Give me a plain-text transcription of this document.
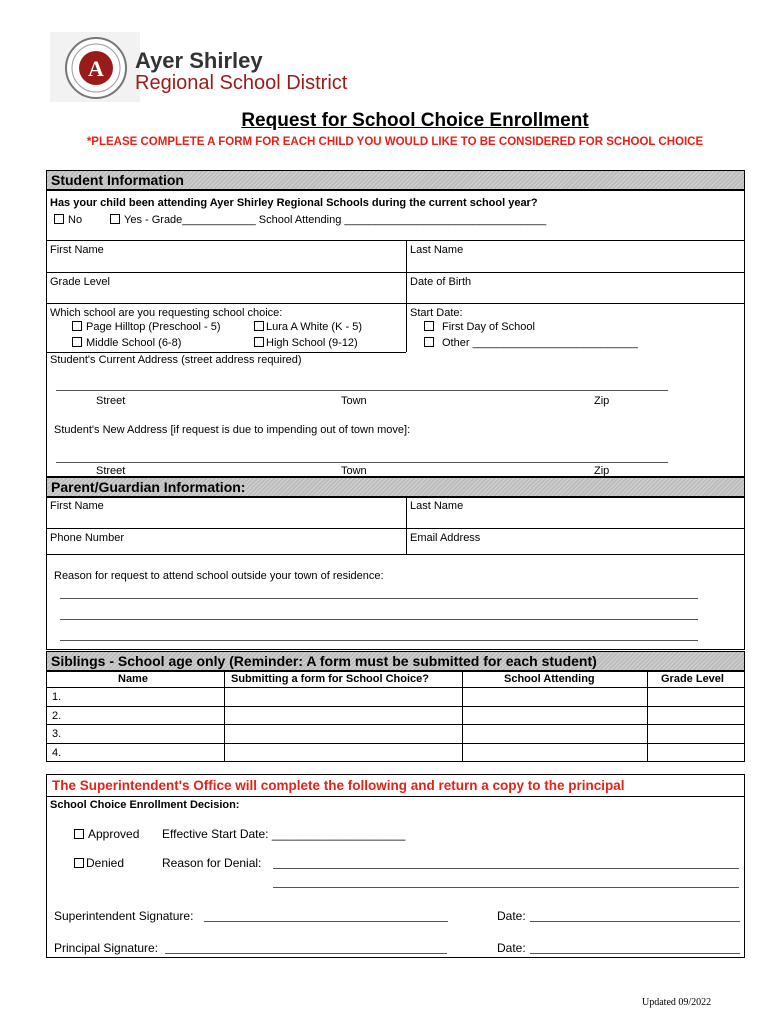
A Ayer Shirley
Regional School District
Request for School Choice Enrollment
*PLEASE COMPLETE A FORM FOR EACH CHILD YOU WOULD LIKE TO BE CONSIDERED FOR SCHOOL CHOICE
Student Information
Has your child been attending Ayer Shirley Regional Schools during the current school year?
No	Yes - Grade____________ School Attending _________________________________
First Name	Last Name
Grade Level	Date of Birth
Which school are you requesting school choice:
Page Hilltop (Preschool - 5)	Lura A White (K - 5)
Middle School (6-8)	High School (9-12)
Start Date:
First Day of School
Other ___________________________
Student's Current Address (street address required)
Street	Town	Zip
Student's New Address [if request is due to impending out of town move]:
Street	Town	Zip
Parent/Guardian Information:
First Name	Last Name
Phone Number	Email Address
Reason for request to attend school outside your town of residence:
Siblings - School age only (Reminder: A form must be submitted for each student)
Name	Submitting a form for School Choice?	School Attending	Grade Level
1.
2.
3.
4.
The Superintendent's Office will complete the following and return a copy to the principal
School Choice Enrollment Decision:
Approved Effective Start Date: ____________________
Denied	Reason for Denial:
Superintendent Signature:	Date:
Principal Signature:	Date:
Updated 09/2022
